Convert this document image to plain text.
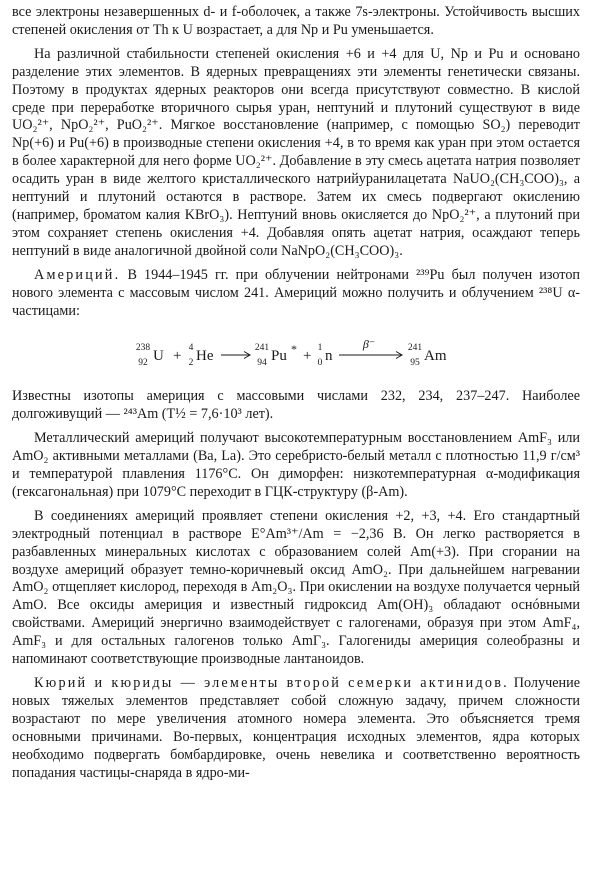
все электроны незавершенных d- и f-оболочек, а также 7s-электроны. Устойчивость высших степеней окисления от Th к U возрастает, а для Np и Pu уменьшается.

На различной стабильности степеней окисления +6 и +4 для U, Np и Pu и основано разделение этих элементов. В ядерных превращениях эти элементы генетически связаны. Поэтому в продуктах ядерных реакторов они всегда присутствуют совместно. В кислой среде при переработке вторичного сырья уран, нептуний и плутоний существуют в виде UO₂²⁺, NpO₂²⁺, PuO₂²⁺. Мягкое восстановление (например, с помощью SO₂) переводит Np(+6) и Pu(+6) в производные степени окисления +4, в то время как уран при этом остается в более характерной для него форме UO₂²⁺. Добавление в эту смесь ацетата натрия позволяет осадить уран в виде желтого кристаллического натрийуранилацетата NaUO₂(CH₃COO)₃, а нептуний и плутоний остаются в растворе. Затем их смесь подвергают окислению (например, броматом калия KBrO₃). Нептуний вновь окисляется до NpO₂²⁺, а плутоний при этом сохраняет степень окисления +4. Добавляя опять ацетат натрия, осаждают теперь нептуний в виде аналогичной двойной соли NaNpO₂(CH₃COO)₃.

Америций. В 1944–1945 гг. при облучении нейтронами ²³⁹Pu был получен изотоп нового элемента с массовым числом 241. Америций можно получить и облучением ²³⁸U α-частицами:

238
92 U + 4
2 He	241
94 Pu * + 1
0 n
β⁻	241
95 Am

Известны изотопы америция с массовыми числами 232, 234, 237–247. Наиболее долгоживущий — ²⁴³Am (T½ = 7,6·10³ лет).

Металлический америций получают высокотемпературным восстановлением AmF₃ или AmO₂ активными металлами (Ba, La). Это серебристо-белый металл с плотностью 11,9 г/см³ и температурой плавления 1176°С. Он диморфен: низкотемпературная α-модификация (гексагональная) при 1079°С переходит в ГЦК-структуру (β-Am).

В соединениях америций проявляет степени окисления +2, +3, +4. Его стандартный электродный потенциал в растворе E°Am³⁺/Am = −2,36 В. Он легко растворяется в разбавленных минеральных кислотах с образованием солей Am(+3). При сгорании на воздухе америций образует темно-коричневый оксид AmO₂. При дальнейшем нагревании AmO₂ отщепляет кислород, переходя в Am₂O₃. При окислении на воздухе получается черный AmO. Все оксиды америция и известный гидроксид Am(OH)₃ обладают оснóвными свойствами. Америций энергично взаимодействует с галогенами, образуя при этом AmF₄, AmF₃ и для остальных галогенов только AmГ₃. Галогениды америция солеобразны и напоминают соответствующие производные лантаноидов.

Кюрий и кюриды — элементы второй семерки актинидов. Получение новых тяжелых элементов представляет собой сложную задачу, причем сложности возрастают по мере увеличения атомного номера элемента. Это объясняется тремя основными причинами. Во-первых, концентрация исходных элементов, ядра которых необходимо подвергать бомбардировке, очень невелика и соответственно вероятность попадания частицы-снаряда в ядро-ми-
